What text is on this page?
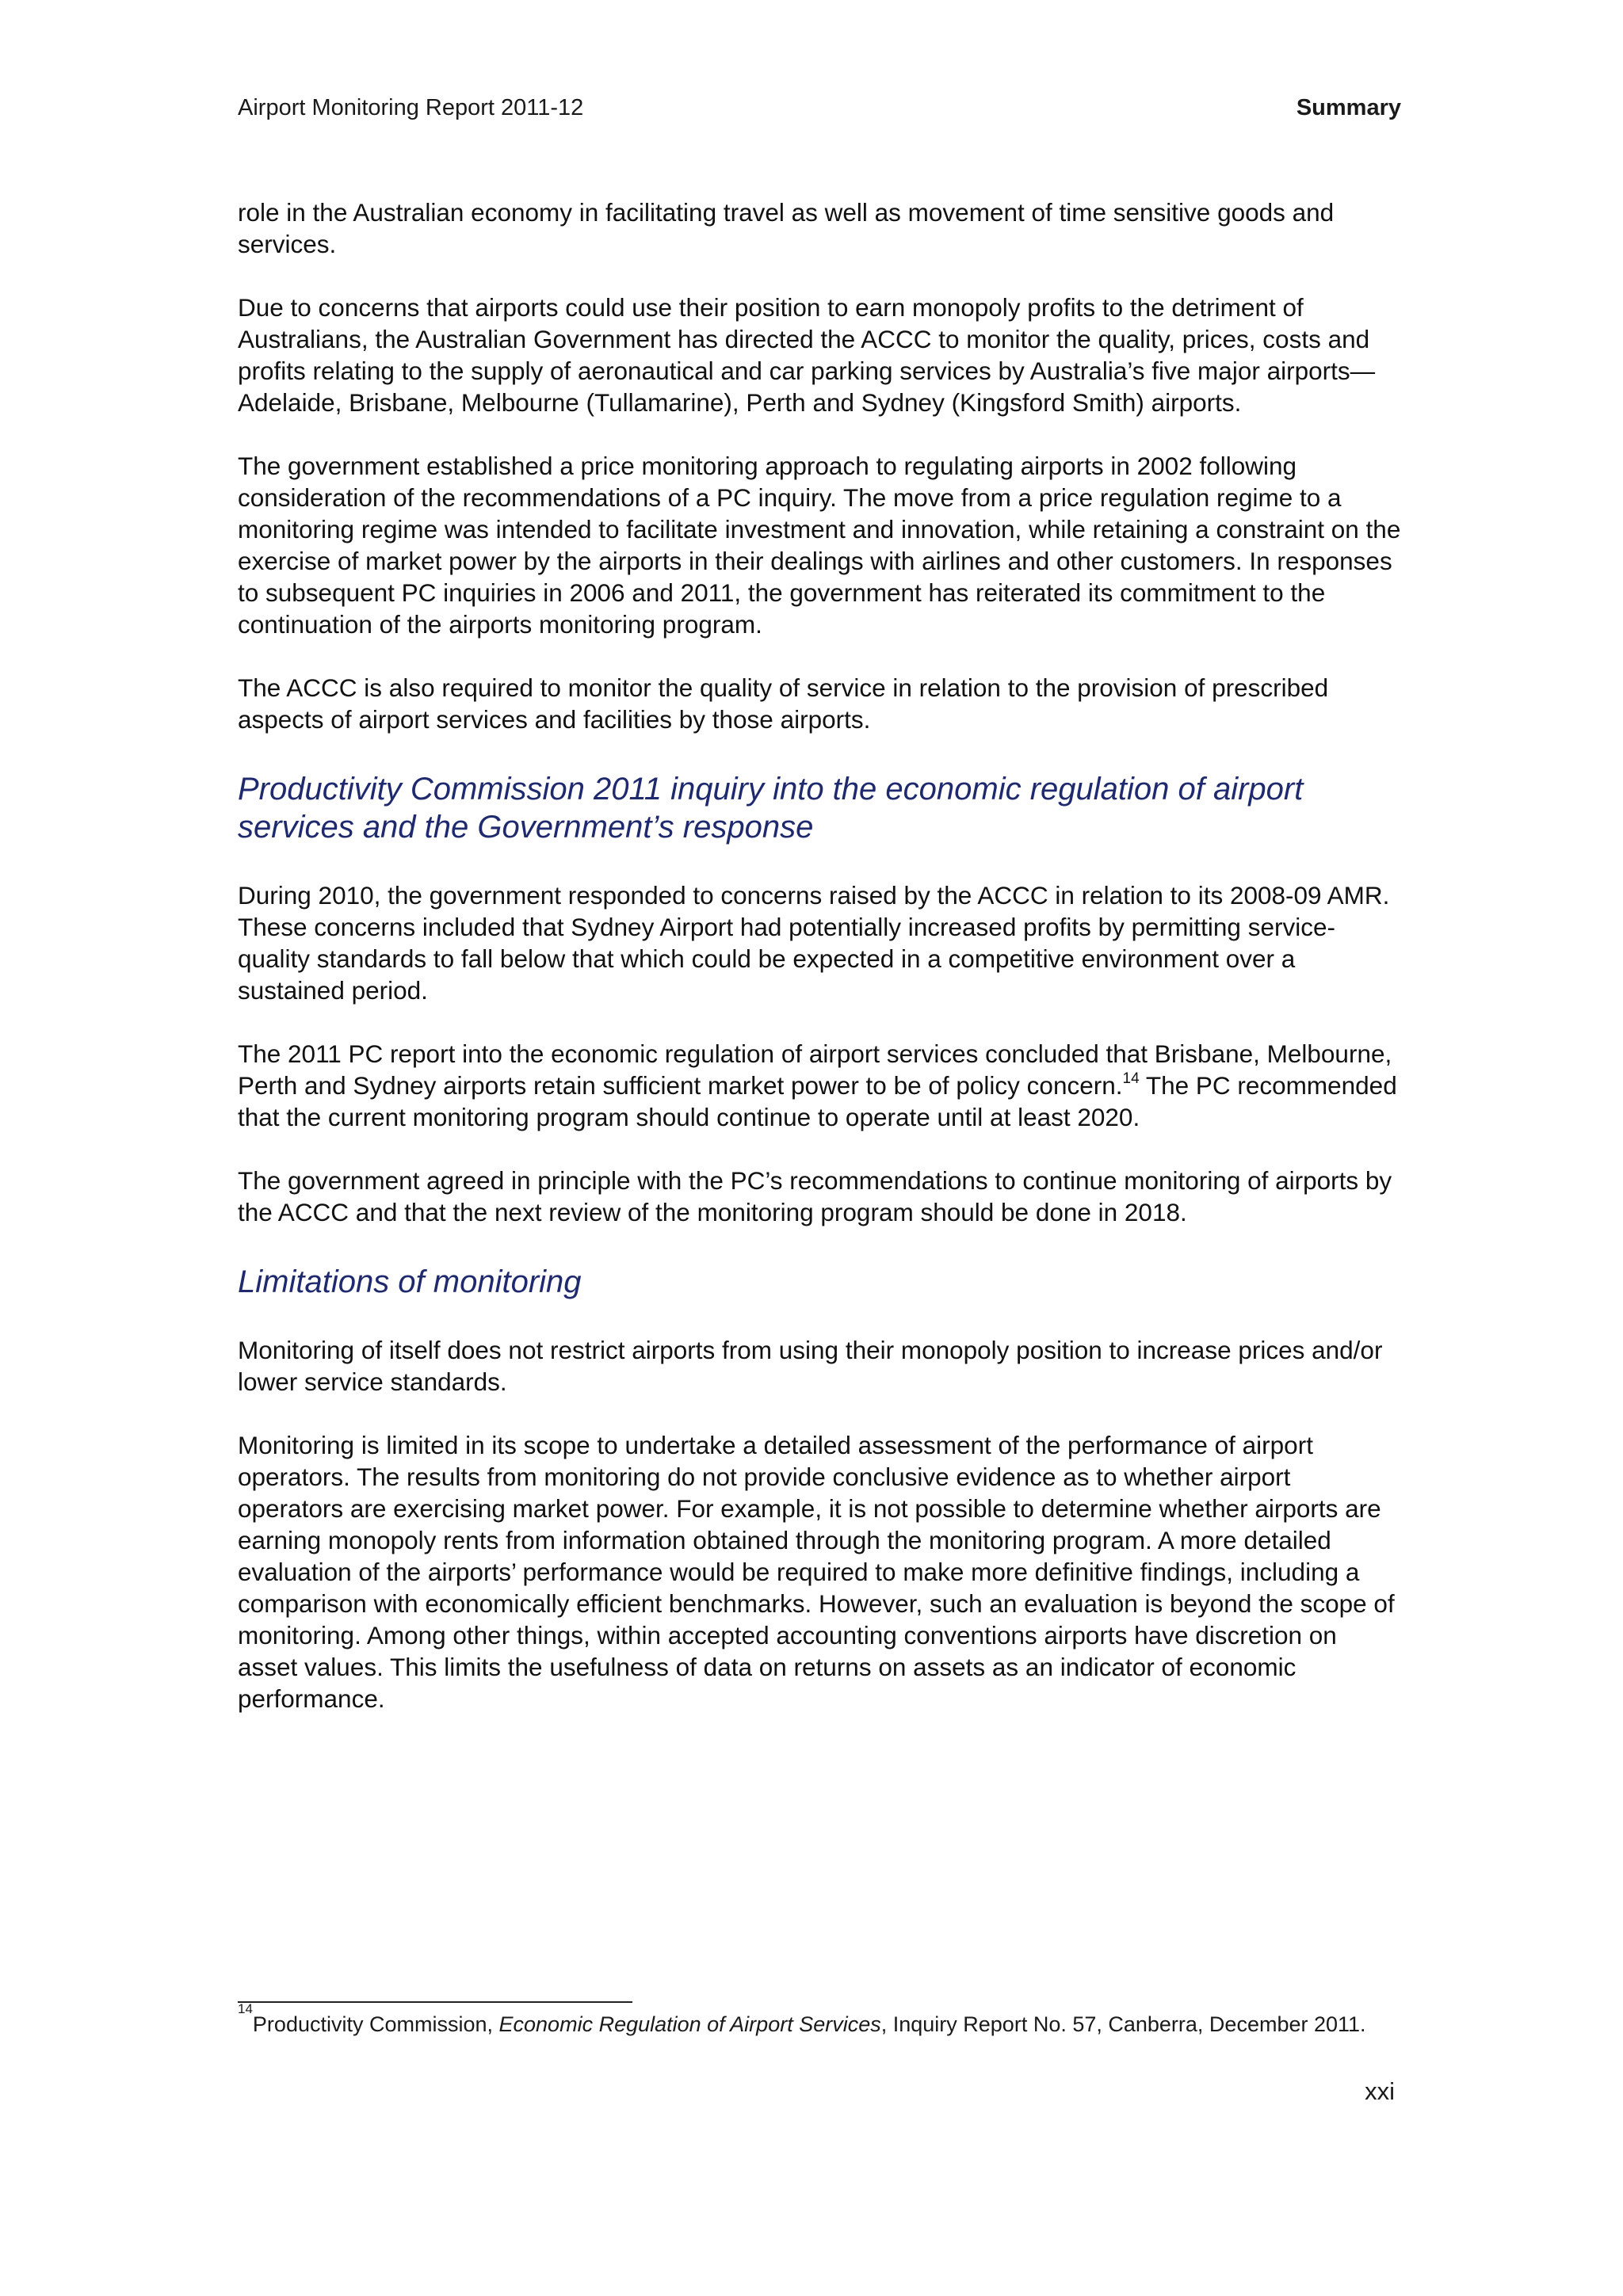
Airport Monitoring Report 2011-12	Summary

role in the Australian economy in facilitating travel as well as movement of time sensitive goods and services.

Due to concerns that airports could use their position to earn monopoly profits to the detriment of Australians, the Australian Government has directed the ACCC to monitor the quality, prices, costs and profits relating to the supply of aeronautical and car parking services by Australia’s five major airports—Adelaide, Brisbane, Melbourne (Tullamarine), Perth and Sydney (Kingsford Smith) airports.

The government established a price monitoring approach to regulating airports in 2002 following consideration of the recommendations of a PC inquiry. The move from a price regulation regime to a monitoring regime was intended to facilitate investment and innovation, while retaining a constraint on the exercise of market power by the airports in their dealings with airlines and other customers. In responses to subsequent PC inquiries in 2006 and 2011, the government has reiterated its commitment to the continuation of the airports monitoring program.

The ACCC is also required to monitor the quality of service in relation to the provision of prescribed aspects of airport services and facilities by those airports.

Productivity Commission 2011 inquiry into the economic regulation of airport services and the Government’s response

During 2010, the government responded to concerns raised by the ACCC in relation to its 2008-09 AMR. These concerns included that Sydney Airport had potentially increased profits by permitting service-quality standards to fall below that which could be expected in a competitive environment over a sustained period.

The 2011 PC report into the economic regulation of airport services concluded that Brisbane, Melbourne, Perth and Sydney airports retain sufficient market power to be of policy concern.$^{14}$ The PC recommended that the current monitoring program should continue to operate until at least 2020.

The government agreed in principle with the PC’s recommendations to continue monitoring of airports by the ACCC and that the next review of the monitoring program should be done in 2018.

Limitations of monitoring

Monitoring of itself does not restrict airports from using their monopoly position to increase prices and/or lower service standards.

Monitoring is limited in its scope to undertake a detailed assessment of the performance of airport operators. The results from monitoring do not provide conclusive evidence as to whether airport operators are exercising market power. For example, it is not possible to determine whether airports are earning monopoly rents from information obtained through the monitoring program. A more detailed evaluation of the airports’ performance would be required to make more definitive findings, including a comparison with economically efficient benchmarks. However, such an evaluation is beyond the scope of monitoring. Among other things, within accepted accounting conventions airports have discretion on asset values. This limits the usefulness of data on returns on assets as an indicator of economic performance.

$^{14}$Productivity Commission, Economic Regulation of Airport Services, Inquiry Report No. 57, Canberra, December 2011.
xxi
